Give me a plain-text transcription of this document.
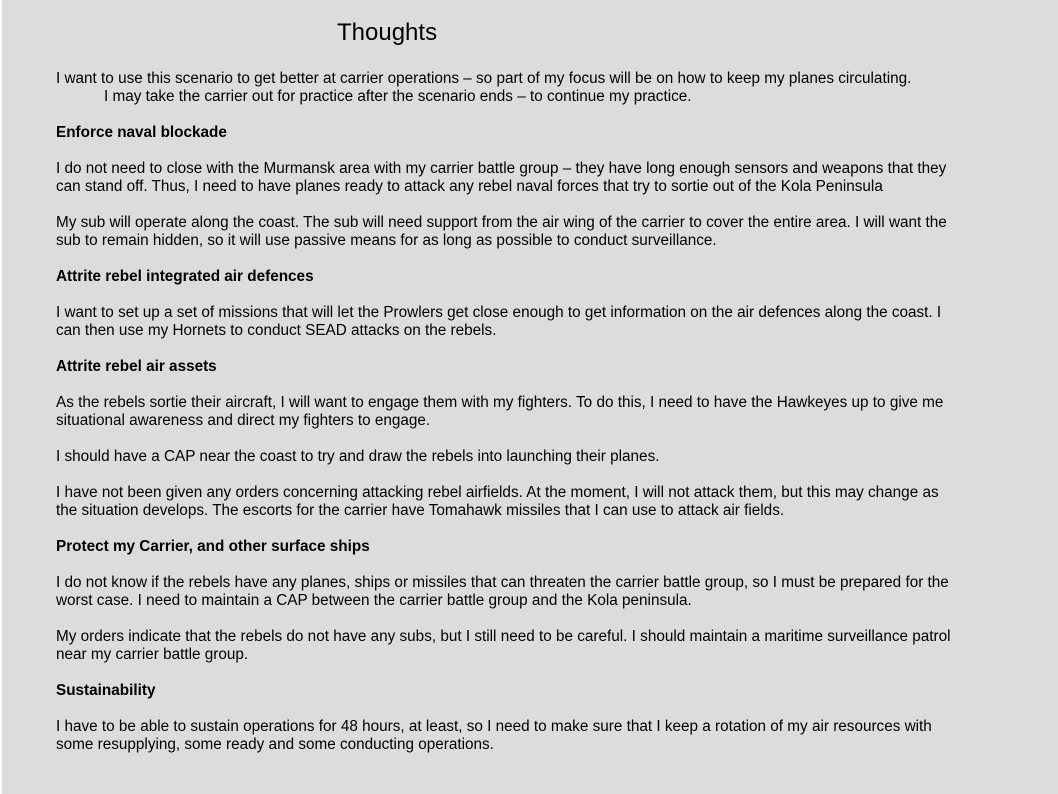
Thoughts
I want to use this scenario to get better at carrier operations – so part of my focus will be on how to keep my planes circulating.
I may take the carrier out for practice after the scenario ends – to continue my practice.
Enforce naval blockade
I do not need to close with the Murmansk area with my carrier battle group – they have long enough sensors and weapons that they
can stand off. Thus, I need to have planes ready to attack any rebel naval forces that try to sortie out of the Kola Peninsula
My sub will operate along the coast. The sub will need support from the air wing of the carrier to cover the entire area. I will want the
sub to remain hidden, so it will use passive means for as long as possible to conduct surveillance.
Attrite rebel integrated air defences
I want to set up a set of missions that will let the Prowlers get close enough to get information on the air defences along the coast. I
can then use my Hornets to conduct SEAD attacks on the rebels.
Attrite rebel air assets
As the rebels sortie their aircraft, I will want to engage them with my fighters. To do this, I need to have the Hawkeyes up to give me
situational awareness and direct my fighters to engage.
I should have a CAP near the coast to try and draw the rebels into launching their planes.
I have not been given any orders concerning attacking rebel airfields. At the moment, I will not attack them, but this may change as
the situation develops. The escorts for the carrier have Tomahawk missiles that I can use to attack air fields.
Protect my Carrier, and other surface ships
I do not know if the rebels have any planes, ships or missiles that can threaten the carrier battle group, so I must be prepared for the
worst case. I need to maintain a CAP between the carrier battle group and the Kola peninsula.
My orders indicate that the rebels do not have any subs, but I still need to be careful. I should maintain a maritime surveillance patrol
near my carrier battle group.
Sustainability
I have to be able to sustain operations for 48 hours, at least, so I need to make sure that I keep a rotation of my air resources with
some resupplying, some ready and some conducting operations.
